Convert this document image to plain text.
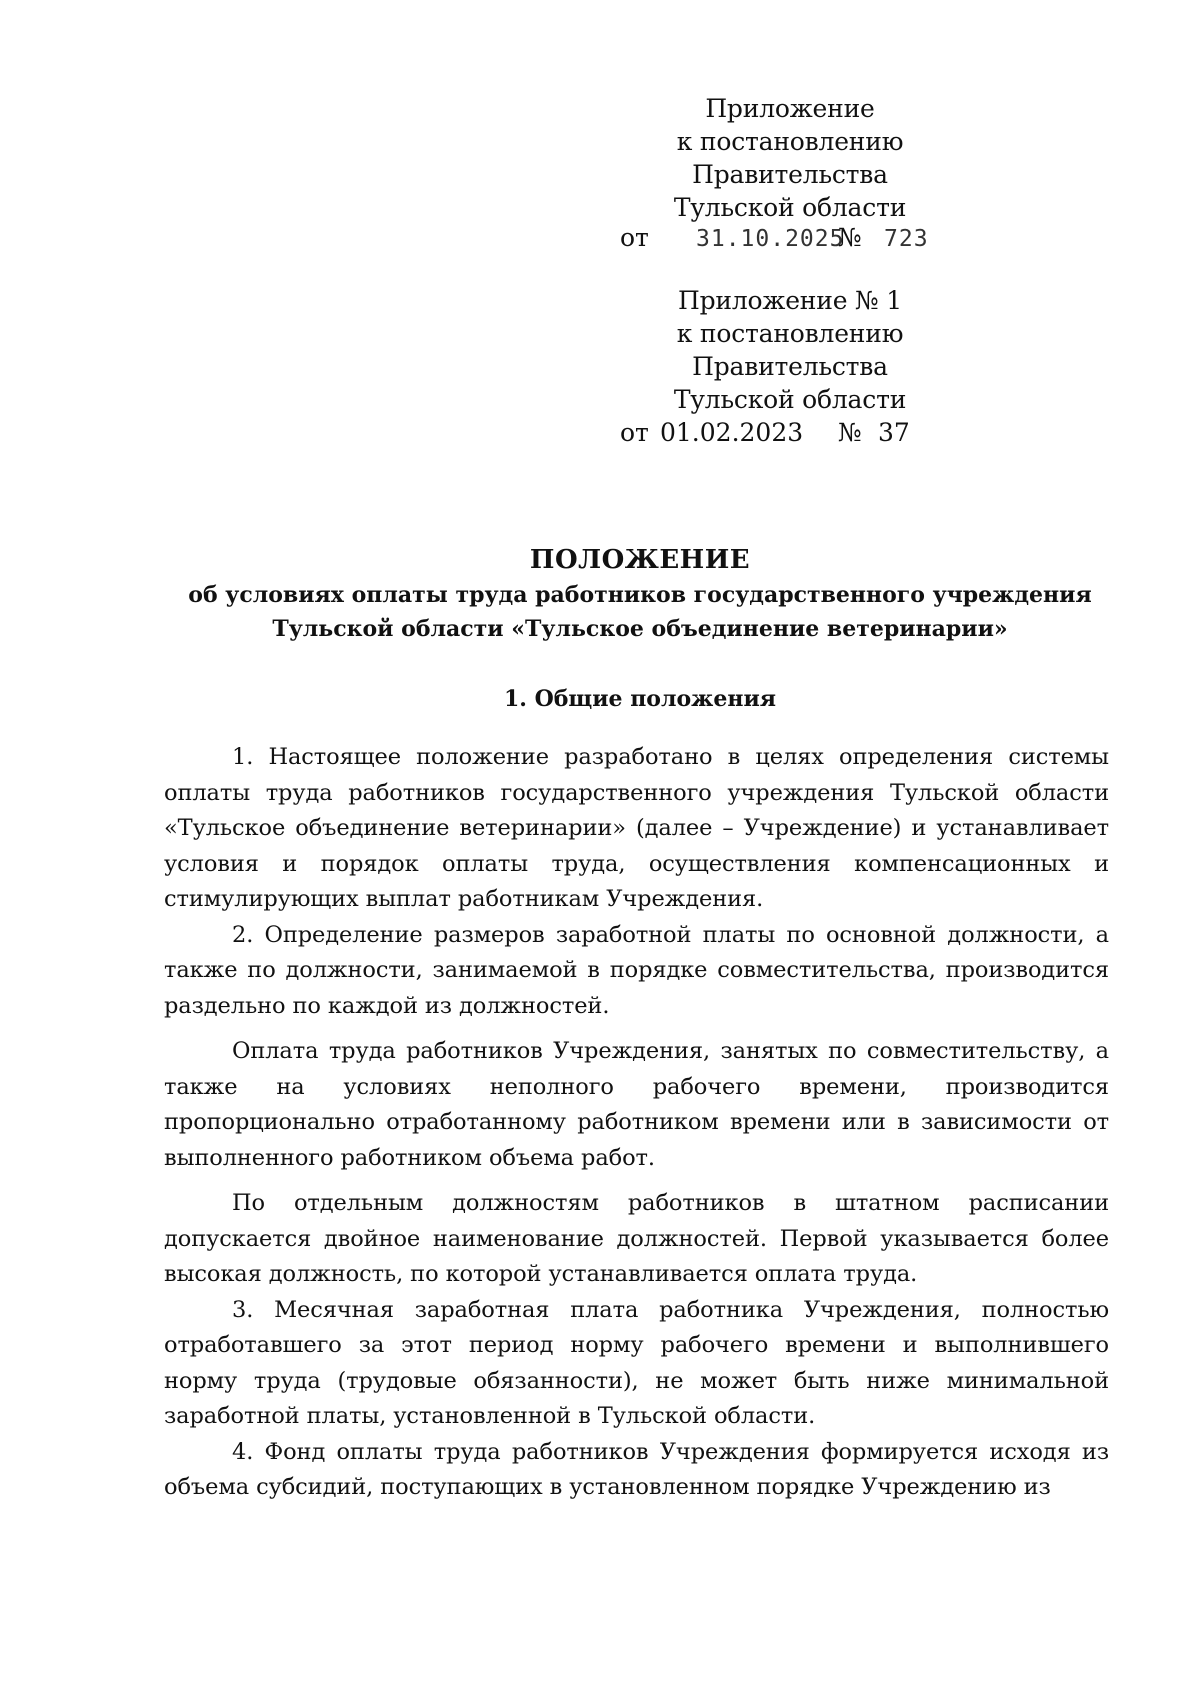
Приложение
к постановлению Правительства
Тульской области
от 31.10.2025
№ 723
Приложение № 1
к постановлению Правительства
Тульской области
от 01.02.2023 № 37
ПОЛОЖЕНИЕ
об условиях оплаты труда работников государственного учреждения
Тульской области «Тульское объединение ветеринарии»
1. Общие положения

1. Настоящее положение разработано в целях определения системы оплаты труда работников государственного учреждения Тульской области «Тульское объединение ветеринарии» (далее – Учреждение) и устанавливает условия и порядок оплаты труда, осуществления компенсационных и стимулирующих выплат работникам Учреждения.

2. Определение размеров заработной платы по основной должности, а также по должности, занимаемой в порядке совместительства, производится раздельно по каждой из должностей.

Оплата труда работников Учреждения, занятых по совместительству, а также на условиях неполного рабочего времени, производится пропорционально отработанному работником времени или в зависимости от выполненного работником объема работ.

По отдельным должностям работников в штатном расписании допускается двойное наименование должностей. Первой указывается более высокая должность, по которой устанавливается оплата труда.

3. Месячная заработная плата работника Учреждения, полностью отработавшего за этот период норму рабочего времени и выполнившего норму труда (трудовые обязанности), не может быть ниже минимальной заработной платы, установленной в Тульской области.

4. Фонд оплаты труда работников Учреждения формируется исходя из объема субсидий, поступающих в установленном порядке Учреждению из
